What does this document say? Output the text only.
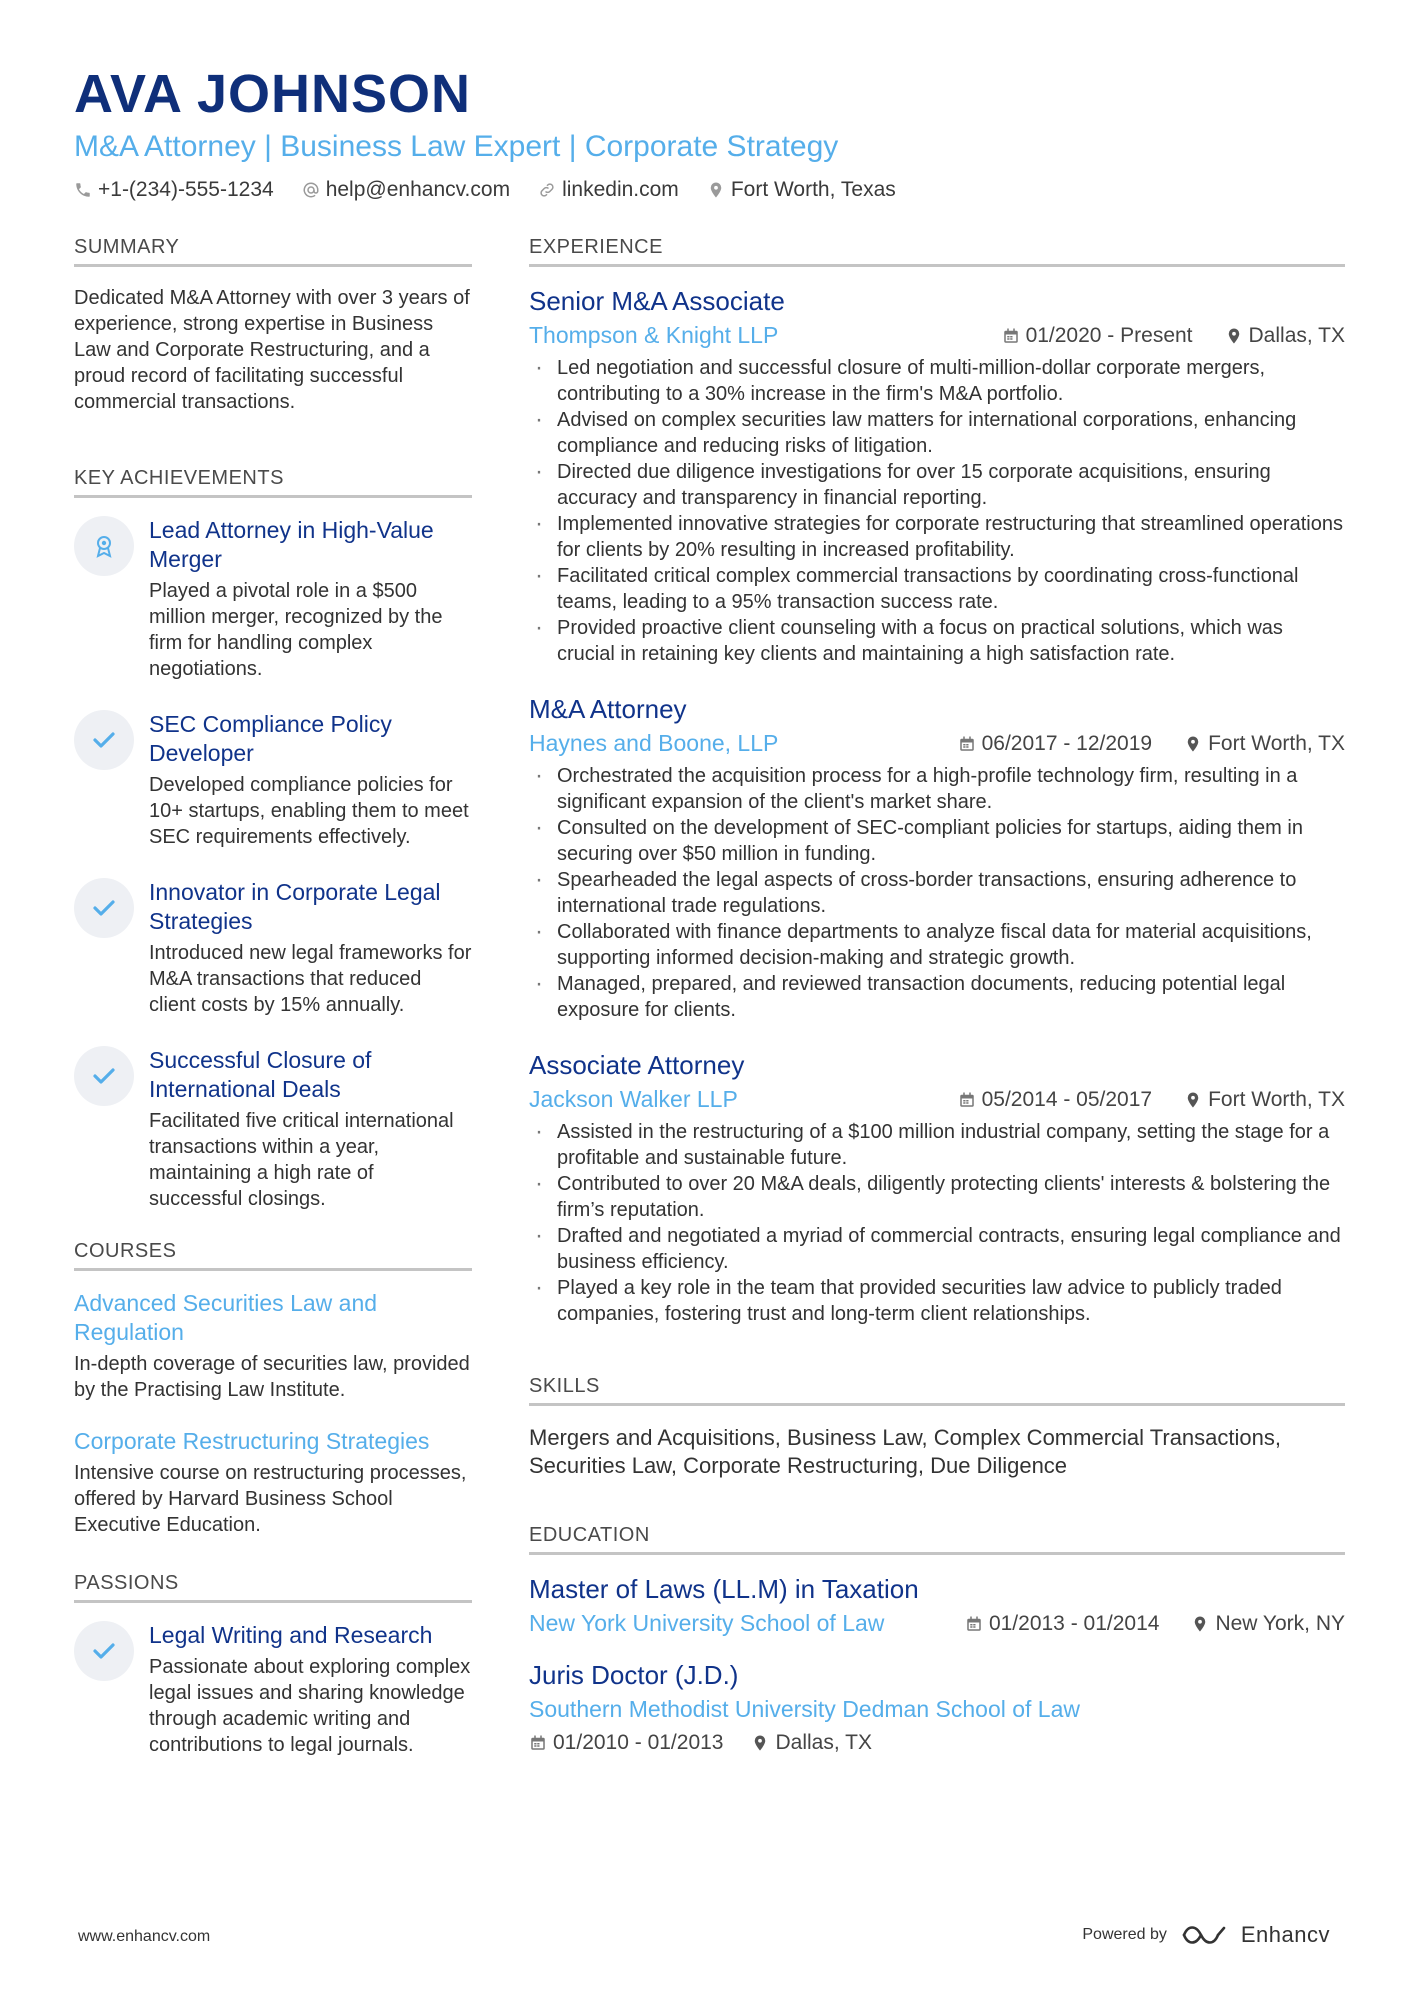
AVA JOHNSON
M&A Attorney | Business Law Expert | Corporate Strategy
+1-(234)-555-1234 help@enhancv.com linkedin.com Fort Worth, Texas
SUMMARY
Dedicated M&A Attorney with over 3 years of experience, strong expertise in Business Law and Corporate Restructuring, and a proud record of facilitating successful commercial transactions.
KEY ACHIEVEMENTS
Lead Attorney in High-Value Merger
Played a pivotal role in a $500 million merger, recognized by the firm for handling complex negotiations.
SEC Compliance Policy Developer
Developed compliance policies for 10+ startups, enabling them to meet SEC requirements effectively.
Innovator in Corporate Legal Strategies
Introduced new legal frameworks for M&A transactions that reduced client costs by 15% annually.
Successful Closure of International Deals
Facilitated five critical international transactions within a year, maintaining a high rate of successful closings.
COURSES
Advanced Securities Law and Regulation
In-depth coverage of securities law, provided by the Practising Law Institute.
Corporate Restructuring Strategies
Intensive course on restructuring processes, offered by Harvard Business School Executive Education.
PASSIONS
Legal Writing and Research
Passionate about exploring complex legal issues and sharing knowledge through academic writing and contributions to legal journals.
EXPERIENCE
Senior M&A Associate
Thompson & Knight LLP	01/2020 - Present	Dallas, TX
· Led negotiation and successful closure of multi-million-dollar corporate mergers, contributing to a 30% increase in the firm's M&A portfolio.
· Advised on complex securities law matters for international corporations, enhancing compliance and reducing risks of litigation.
· Directed due diligence investigations for over 15 corporate acquisitions, ensuring accuracy and transparency in financial reporting.
· Implemented innovative strategies for corporate restructuring that streamlined operations for clients by 20% resulting in increased profitability.
· Facilitated critical complex commercial transactions by coordinating cross-functional teams, leading to a 95% transaction success rate.
· Provided proactive client counseling with a focus on practical solutions, which was crucial in retaining key clients and maintaining a high satisfaction rate.
M&A Attorney
Haynes and Boone, LLP	06/2017 - 12/2019	Fort Worth, TX
· Orchestrated the acquisition process for a high-profile technology firm, resulting in a significant expansion of the client's market share.
· Consulted on the development of SEC-compliant policies for startups, aiding them in securing over $50 million in funding.
· Spearheaded the legal aspects of cross-border transactions, ensuring adherence to international trade regulations.
· Collaborated with finance departments to analyze fiscal data for material acquisitions, supporting informed decision-making and strategic growth.
· Managed, prepared, and reviewed transaction documents, reducing potential legal exposure for clients.
Associate Attorney
Jackson Walker LLP	05/2014 - 05/2017	Fort Worth, TX
· Assisted in the restructuring of a $100 million industrial company, setting the stage for a profitable and sustainable future.
· Contributed to over 20 M&A deals, diligently protecting clients' interests & bolstering the firm’s reputation.
· Drafted and negotiated a myriad of commercial contracts, ensuring legal compliance and business efficiency.
· Played a key role in the team that provided securities law advice to publicly traded companies, fostering trust and long-term client relationships.
SKILLS
Mergers and Acquisitions, Business Law, Complex Commercial Transactions, Securities Law, Corporate Restructuring, Due Diligence
EDUCATION
Master of Laws (LL.M) in Taxation
New York University School of Law	01/2013 - 01/2014	New York, NY
Juris Doctor (J.D.)
Southern Methodist University Dedman School of Law
01/2010 - 01/2013 Dallas, TX
www.enhancv.com	Powered by	Enhancv
